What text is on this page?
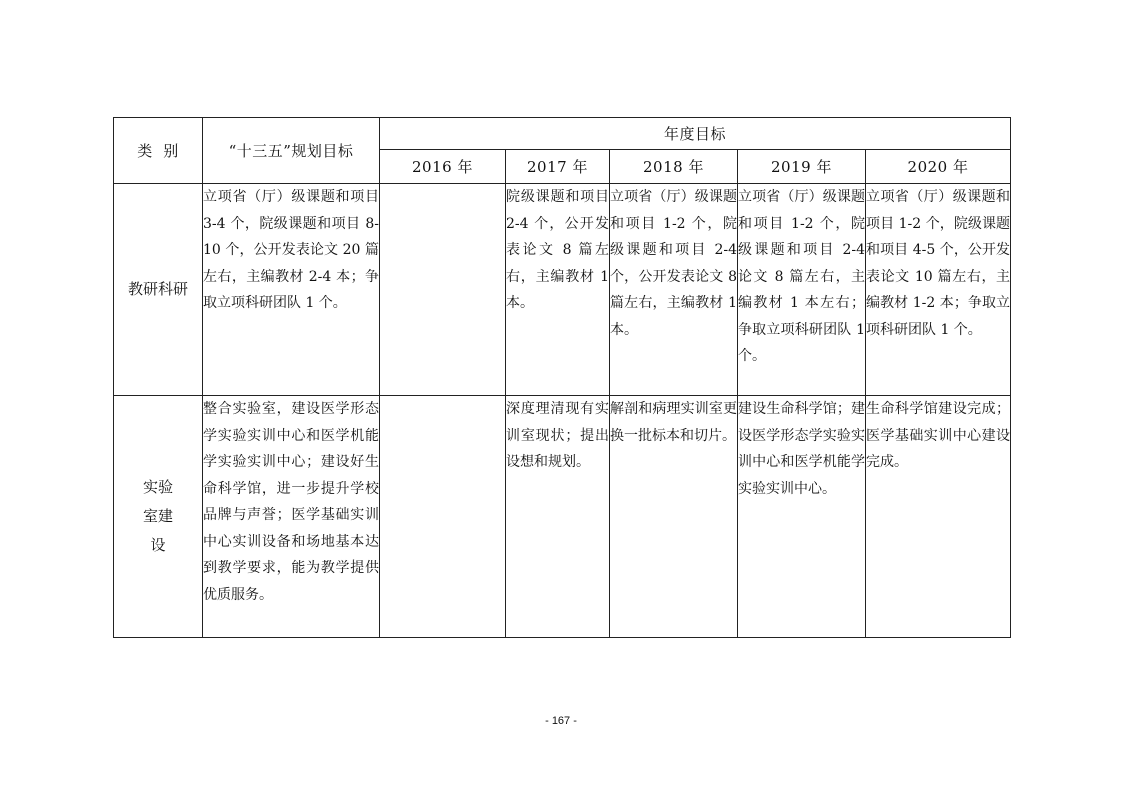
类  别	“十三五”规划目标	年度目标				
		2016 年	2017 年	2018 年	2019 年	2020 年
教研科研	立项省（厅）级课题和项目 3-4 个，院级课题和项目 8-10 个，公开发表论文 20 篇左右，主编教材 2-4 本；争取立项科研团队 1 个。		院级课题和项目 2-4 个，公开发表论文 8 篇左右，主编教材 1 本。	立项省（厅）级课题和项目 1-2 个，院级课题和项目 2-4 个，公开发表论文 8 篇左右，主编教材 1 本。	立项省（厅）级课题和项目 1-2 个，院级课题和项目 2-4 论文 8 篇左右，主编教材 1 本左右；争取立项科研团队 1 个。	立项省（厅）级课题和项目 1-2 个，院级课题和项目 4-5 个，公开发表论文 10 篇左右，主编教材 1-2 本；争取立项科研团队 1 个。

实验室建设	整合实验室，建设医学形态学实验实训中心和医学机能学实验实训中心；建设好生命科学馆，进一步提升学校品牌与声誉；医学基础实训中心实训设备和场地基本达到教学要求，能为教学提供优质服务。		深度理清现有实训室现状；提出设想和规划。	解剖和病理实训室更换一批标本和切片。	建设生命科学馆；建设医学形态学实验实训中心和医学机能学实验实训中心。	生命科学馆建设完成；医学基础实训中心建设完成。
- 167 -
